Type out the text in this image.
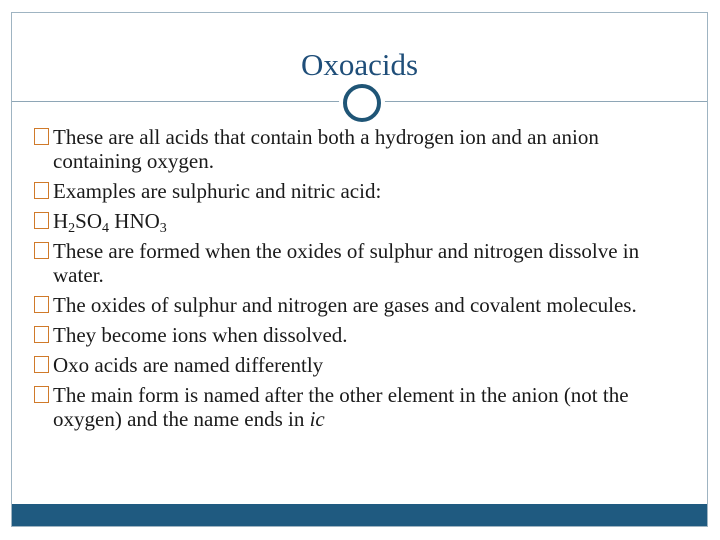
Oxoacids
These are all acids that contain both a hydrogen ion and an anion containing oxygen.
Examples are sulphuric and nitric acid:
$H_2SO_4$ $HNO_3$
These are formed when the oxides of sulphur and nitrogen dissolve in water.
The oxides of sulphur and nitrogen are gases and covalent molecules.
They become ions when dissolved.
Oxo acids are named differently
The main form is named after the other element in the anion (not the oxygen) and the name ends in ic
